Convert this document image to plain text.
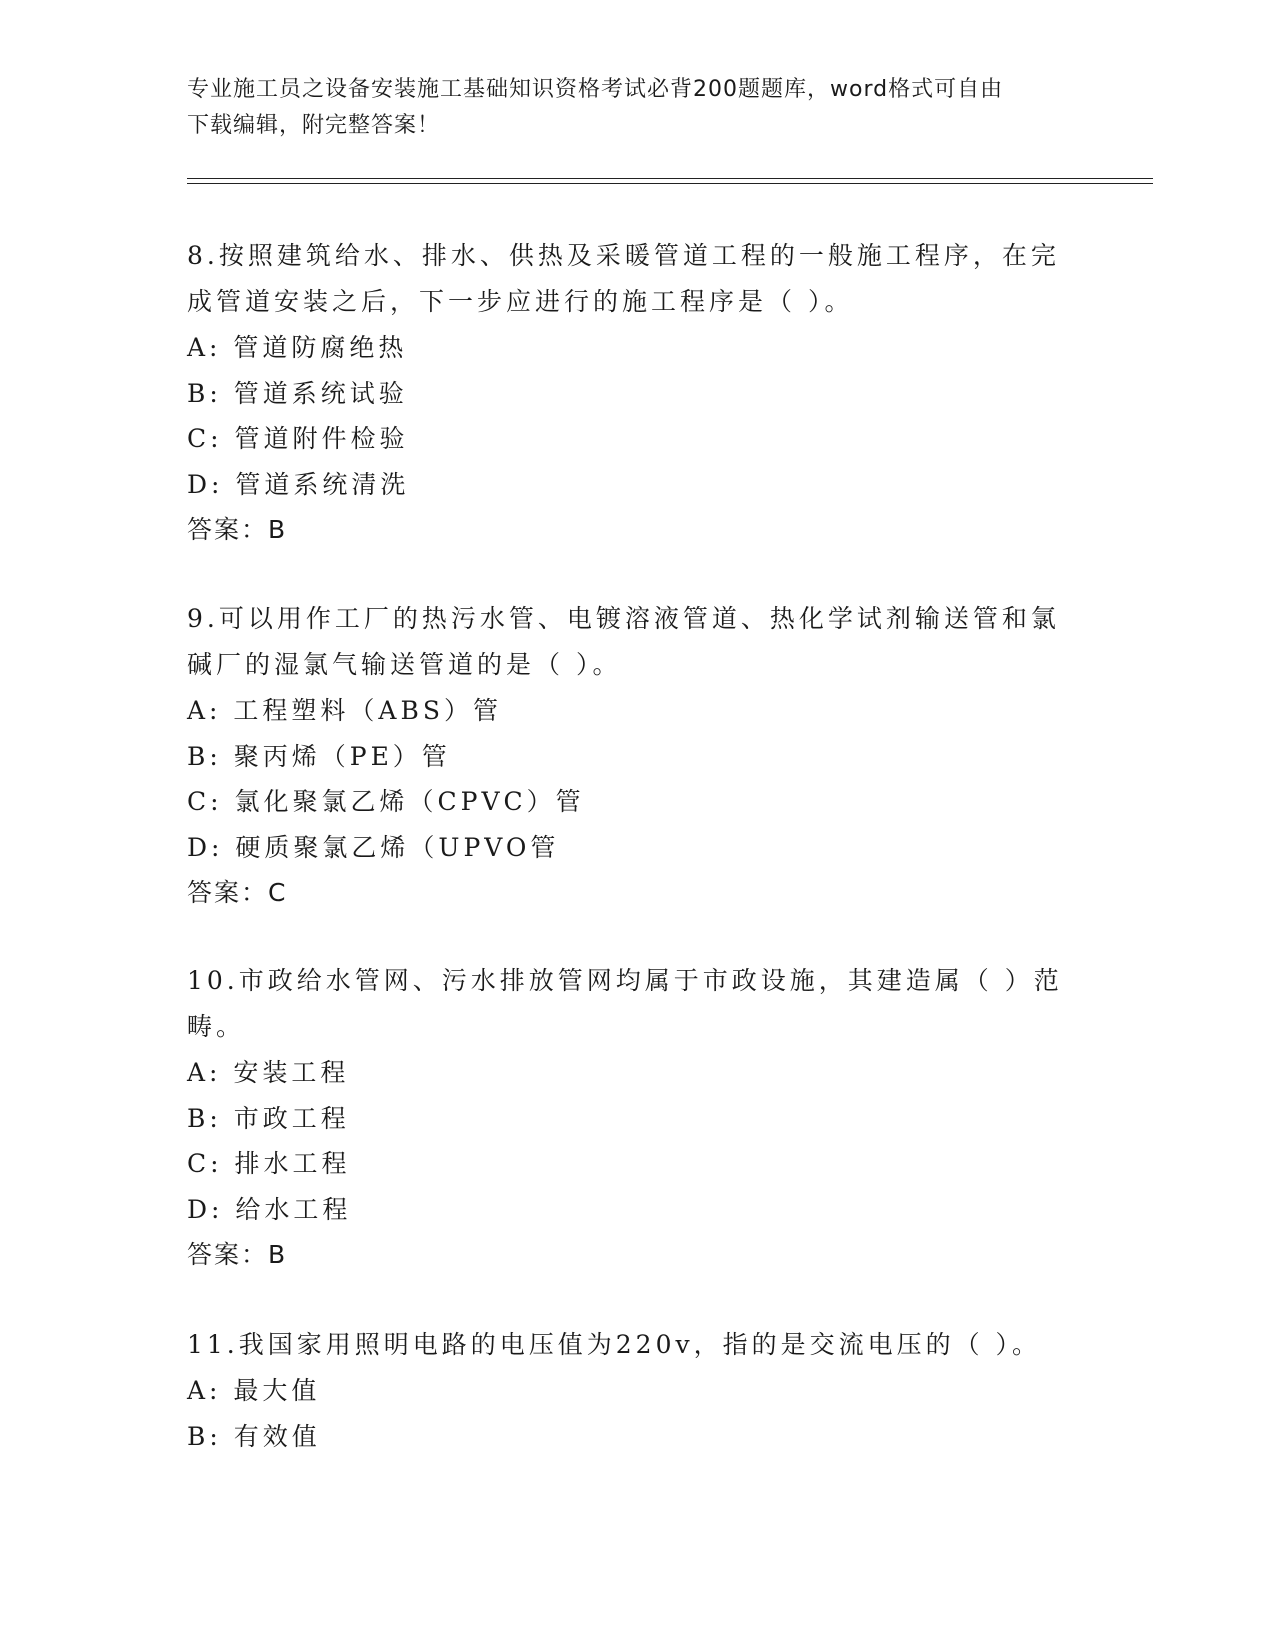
专业施工员之设备安装施工基础知识资格考试必背200题题库，word格式可自由
下载编辑，附完整答案！

8.按照建筑给水、排水、供热及采暖管道工程的一般施工程序，在完

成管道安装之后，下一步应进行的施工程序是（ ）。

A: 管道防腐绝热

B: 管道系统试验

C: 管道附件检验

D: 管道系统清洗

答案：B

9.可以用作工厂的热污水管、电镀溶液管道、热化学试剂输送管和氯

碱厂的湿氯气输送管道的是（ ）。

A: 工程塑料（ABS）管

B: 聚丙烯（PE）管

C: 氯化聚氯乙烯（CPVC）管

D: 硬质聚氯乙烯（UPVO管

答案：C

10.市政给水管网、污水排放管网均属于市政设施，其建造属（ ）范

畴。

A: 安装工程

B: 市政工程

C: 排水工程

D: 给水工程

答案：B

11.我国家用照明电路的电压值为220v，指的是交流电压的（ ）。

A: 最大值

B: 有效值
